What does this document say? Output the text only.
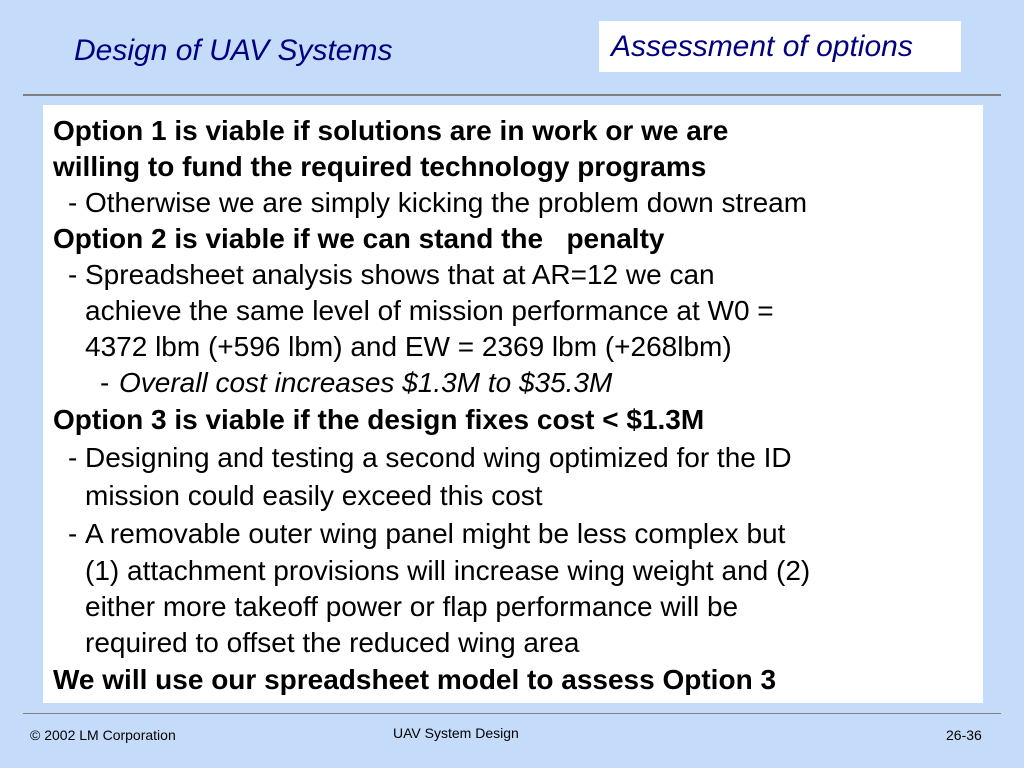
Design of UAV Systems	Assessment of options
Option 1 is viable if solutions are in work or we are
willing to fund the required technology programs
- Otherwise we are simply kicking the problem down stream
Option 2 is viable if we can stand the   penalty
- Spreadsheet analysis shows that at AR=12 we can
achieve the same level of mission performance at W0 =
4372 lbm (+596 lbm) and EW = 2369 lbm (+268lbm)
- Overall cost increases $1.3M to $35.3M
Option 3 is viable if the design fixes cost < $1.3M
- Designing and testing a second wing optimized for the ID
mission could easily exceed this cost
- A removable outer wing panel might be less complex but
(1) attachment provisions will increase wing weight and (2)
either more takeoff power or flap performance will be
required to offset the reduced wing area
We will use our spreadsheet model to assess Option 3
© 2002 LM Corporation	UAV System Design	26-36
